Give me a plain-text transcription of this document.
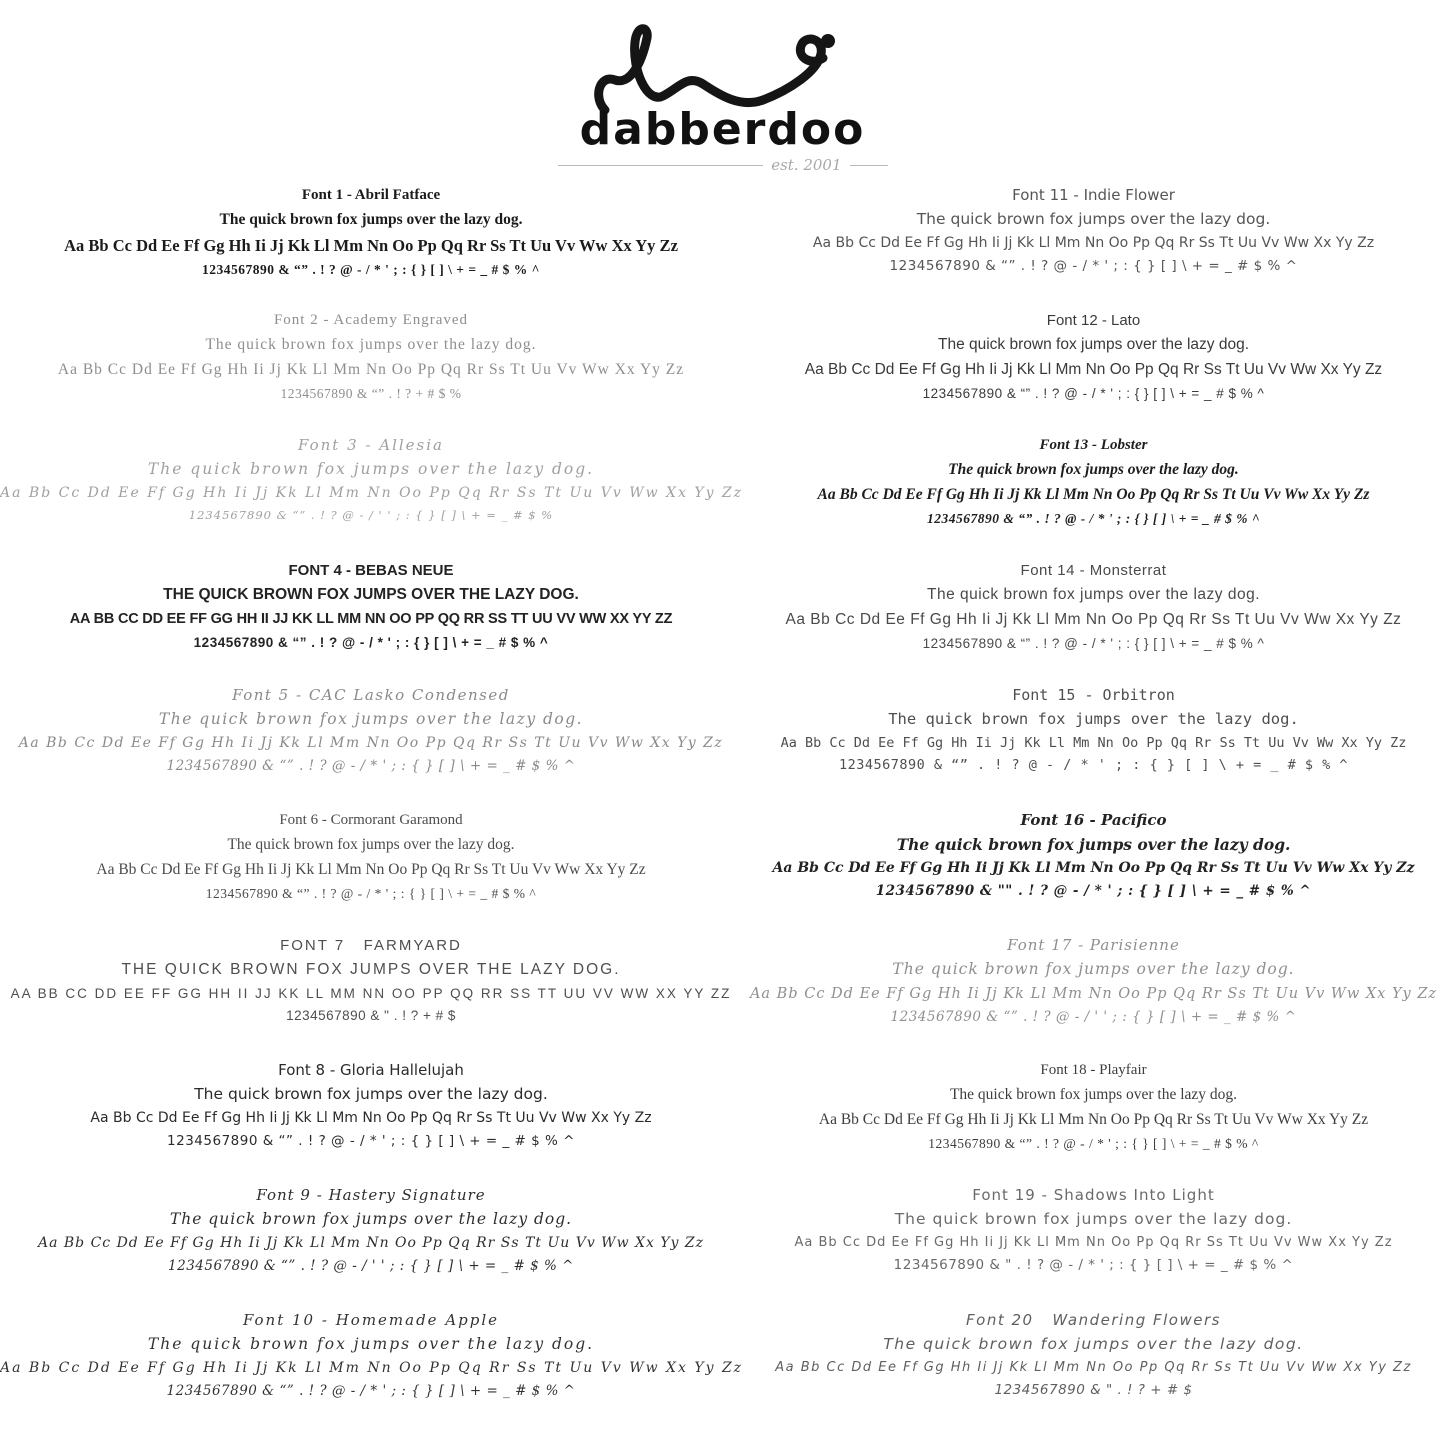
dabberdoo
est. 2001
Font 1 - Abril Fatface

The quick brown fox jumps over the lazy dog.

Aa Bb Cc Dd Ee Ff Gg Hh Ii Jj Kk Ll Mm Nn Oo Pp Qq Rr Ss Tt Uu Vv Ww Xx Yy Zz

1234567890 & “” . ! ? @ - / * ' ; : { } [ ] \ + = _ # $ % ^

Font 2 - Academy Engraved

The quick brown fox jumps over the lazy dog.

Aa Bb Cc Dd Ee Ff Gg Hh Ii Jj Kk Ll Mm Nn Oo Pp Qq Rr Ss Tt Uu Vv Ww Xx Yy Zz

1234567890 & “” . ! ? + # $ %

Font 3 - Allesia

The quick brown fox jumps over the lazy dog.

Aa Bb Cc Dd Ee Ff Gg Hh Ii Jj Kk Ll Mm Nn Oo Pp Qq Rr Ss Tt Uu Vv Ww Xx Yy Zz

1234567890 & “” . ! ? @ - / ' ' ; : { } [ ] \ + = _ # $ %

FONT 4 - BEBAS NEUE

THE QUICK BROWN FOX JUMPS OVER THE LAZY DOG.

AA BB CC DD EE FF GG HH II JJ KK LL MM NN OO PP QQ RR SS TT UU VV WW XX YY ZZ

1234567890 & “” . ! ? @ - / * ' ; : { } [ ] \ + = _ # $ % ^

Font 5 - CAC Lasko Condensed

The quick brown fox jumps over the lazy dog.

Aa Bb Cc Dd Ee Ff Gg Hh Ii Jj Kk Ll Mm Nn Oo Pp Qq Rr Ss Tt Uu Vv Ww Xx Yy Zz

1234567890 & “” . ! ? @ - / * ' ; : { } [ ] \ + = _ # $ % ^

Font 6 - Cormorant Garamond

The quick brown fox jumps over the lazy dog.

Aa Bb Cc Dd Ee Ff Gg Hh Ii Jj Kk Ll Mm Nn Oo Pp Qq Rr Ss Tt Uu Vv Ww Xx Yy Zz

1234567890 & “” . ! ? @ - / * ' ; : { } [ ] \ + = _ # $ % ^

FONT 7   FARMYARD

THE QUICK BROWN FOX JUMPS OVER THE LAZY DOG.

AA BB CC DD EE FF GG HH II JJ KK LL MM NN OO PP QQ RR SS TT UU VV WW XX YY ZZ

1234567890 & " . ! ? + # $

Font 8 - Gloria Hallelujah

The quick brown fox jumps over the lazy dog.

Aa Bb Cc Dd Ee Ff Gg Hh Ii Jj Kk Ll Mm Nn Oo Pp Qq Rr Ss Tt Uu Vv Ww Xx Yy Zz

1234567890 & “” . ! ? @ - / * ' ; : { } [ ] \ + = _ # $ % ^

Font 9 - Hastery Signature

The quick brown fox jumps over the lazy dog.

Aa Bb Cc Dd Ee Ff Gg Hh Ii Jj Kk Ll Mm Nn Oo Pp Qq Rr Ss Tt Uu Vv Ww Xx Yy Zz

1234567890 & “” . ! ? @ - / ' ' ; : { } [ ] \ + = _ # $ % ^

Font 10 - Homemade Apple

The quick brown fox jumps over the lazy dog.

Aa Bb Cc Dd Ee Ff Gg Hh Ii Jj Kk Ll Mm Nn Oo Pp Qq Rr Ss Tt Uu Vv Ww Xx Yy Zz

1234567890 & “” . ! ? @ - / * ' ; : { } [ ] \ + = _ # $ % ^

Font 11 - Indie Flower

The quick brown fox jumps over the lazy dog.

Aa Bb Cc Dd Ee Ff Gg Hh Ii Jj Kk Ll Mm Nn Oo Pp Qq Rr Ss Tt Uu Vv Ww Xx Yy Zz

1234567890 & “” . ! ? @ - / * ' ; : { } [ ] \ + = _ # $ % ^

Font 12 - Lato

The quick brown fox jumps over the lazy dog.

Aa Bb Cc Dd Ee Ff Gg Hh Ii Jj Kk Ll Mm Nn Oo Pp Qq Rr Ss Tt Uu Vv Ww Xx Yy Zz

1234567890 & “” . ! ? @ - / * ' ; : { } [ ] \ + = _ # $ % ^

Font 13 - Lobster

The quick brown fox jumps over the lazy dog.

Aa Bb Cc Dd Ee Ff Gg Hh Ii Jj Kk Ll Mm Nn Oo Pp Qq Rr Ss Tt Uu Vv Ww Xx Yy Zz

1234567890 & “” . ! ? @ - / * ' ; : { } [ ] \ + = _ # $ % ^

Font 14 - Monsterrat

The quick brown fox jumps over the lazy dog.

Aa Bb Cc Dd Ee Ff Gg Hh Ii Jj Kk Ll Mm Nn Oo Pp Qq Rr Ss Tt Uu Vv Ww Xx Yy Zz

1234567890 & “” . ! ? @ - / * ' ; : { } [ ] \ + = _ # $ % ^

Font 15 - Orbitron

The quick brown fox jumps over the lazy dog.

Aa Bb Cc Dd Ee Ff Gg Hh Ii Jj Kk Ll Mm Nn Oo Pp Qq Rr Ss Tt Uu Vv Ww Xx Yy Zz

1234567890 & “” . ! ? @ - / * ' ; : { } [ ] \ + = _ # $ % ^

Font 16 - Pacifico

The quick brown fox jumps over the lazy dog.

Aa Bb Cc Dd Ee Ff Gg Hh Ii Jj Kk Ll Mm Nn Oo Pp Qq Rr Ss Tt Uu Vv Ww Xx Yy Zz

1234567890 & "" . ! ? @ - / * ' ; : { } [ ] \ + = _ # $ % ^

Font 17 - Parisienne

The quick brown fox jumps over the lazy dog.

Aa Bb Cc Dd Ee Ff Gg Hh Ii Jj Kk Ll Mm Nn Oo Pp Qq Rr Ss Tt Uu Vv Ww Xx Yy Zz

1234567890 & “” . ! ? @ - / ' ' ; : { } [ ] \ + = _ # $ % ^

Font 18 - Playfair

The quick brown fox jumps over the lazy dog.

Aa Bb Cc Dd Ee Ff Gg Hh Ii Jj Kk Ll Mm Nn Oo Pp Qq Rr Ss Tt Uu Vv Ww Xx Yy Zz

1234567890 & “” . ! ? @ - / * ' ; : { } [ ] \ + = _ # $ % ^

Font 19 - Shadows Into Light

The quick brown fox jumps over the lazy dog.

Aa Bb Cc Dd Ee Ff Gg Hh Ii Jj Kk Ll Mm Nn Oo Pp Qq Rr Ss Tt Uu Vv Ww Xx Yy Zz

1234567890 & " . ! ? @ - / * ' ; : { } [ ] \ + = _ # $ % ^

Font 20   Wandering Flowers

The quick brown fox jumps over the lazy dog.

Aa Bb Cc Dd Ee Ff Gg Hh Ii Jj Kk Ll Mm Nn Oo Pp Qq Rr Ss Tt Uu Vv Ww Xx Yy Zz

1234567890 & " . ! ? + # $
